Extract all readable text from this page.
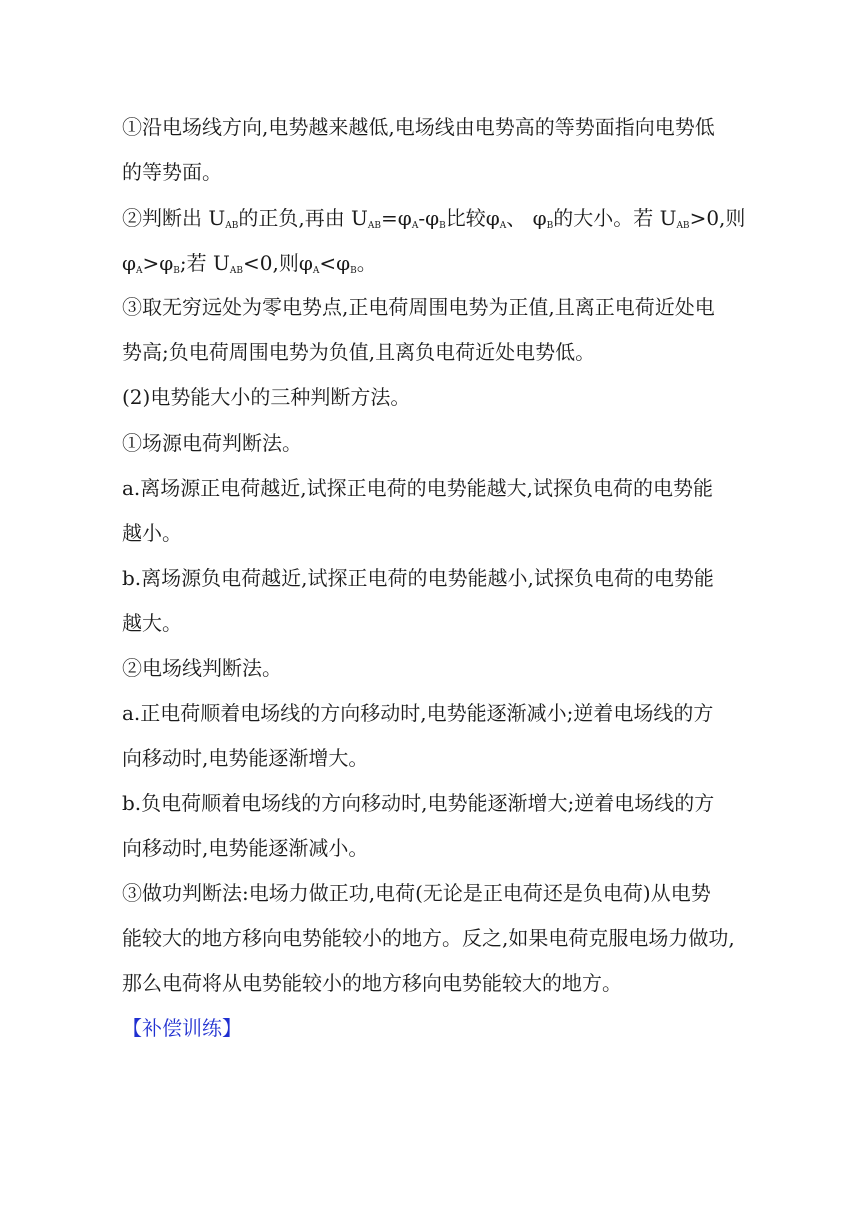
①沿电场线方向,电势越来越低,电场线由电势高的等势面指向电势低
的等势面。
②判断出 $U_{AB}$的正负,再由 $U_{AB}=\varphi_A-\varphi_B$比较$\varphi_A$、 $\varphi_B$的大小。若 $U_{AB}>0$,则
$\varphi_A>\varphi_B$;若 $U_{AB}<0$,则$\varphi_A<\varphi_B$。
③取无穷远处为零电势点,正电荷周围电势为正值,且离正电荷近处电
势高;负电荷周围电势为负值,且离负电荷近处电势低。
(2)电势能大小的三种判断方法。
①场源电荷判断法。
a.离场源正电荷越近,试探正电荷的电势能越大,试探负电荷的电势能
越小。
b.离场源负电荷越近,试探正电荷的电势能越小,试探负电荷的电势能
越大。
②电场线判断法。
a.正电荷顺着电场线的方向移动时,电势能逐渐减小;逆着电场线的方
向移动时,电势能逐渐增大。
b.负电荷顺着电场线的方向移动时,电势能逐渐增大;逆着电场线的方
向移动时,电势能逐渐减小。
③做功判断法:电场力做正功,电荷(无论是正电荷还是负电荷)从电势
能较大的地方移向电势能较小的地方。反之,如果电荷克服电场力做功,
那么电荷将从电势能较小的地方移向电势能较大的地方。
【补偿训练】
